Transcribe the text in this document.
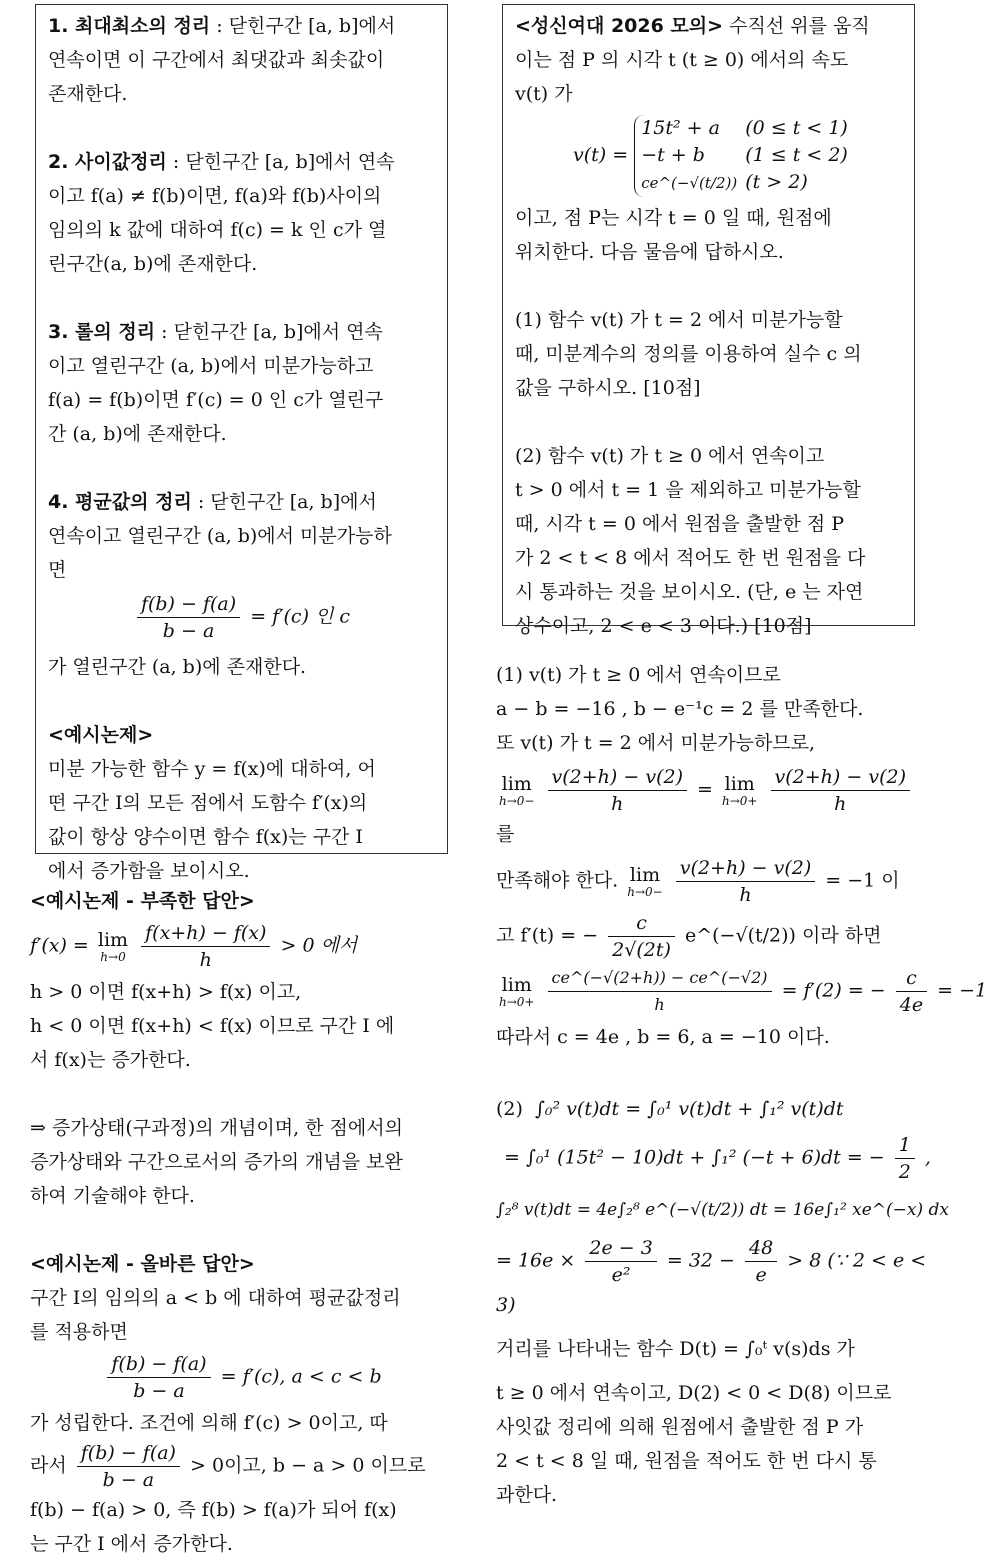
1. 최대최소의 정리 : 닫힌구간 [a, b]에서

연속이면 이 구간에서 최댓값과 최솟값이

존재한다.

2. 사이값정리 : 닫힌구간 [a, b]에서 연속

이고 f(a) ≠ f(b)이면, f(a)와 f(b)사이의

임의의 k 값에 대하여 f(c) = k 인 c가 열

린구간(a, b)에 존재한다.

3. 롤의 정리 : 닫힌구간 [a, b]에서 연속

이고 열린구간 (a, b)에서 미분가능하고

f(a) = f(b)이면 f′(c) = 0 인 c가 열린구

간 (a, b)에 존재한다.

4. 평균값의 정리 : 닫힌구간 [a, b]에서

연속이고 열린구간 (a, b)에서 미분가능하

면

$\frac{f(b) - f(a)}{b - a} = f'(c)$ 인 c

가 열린구간 (a, b)에 존재한다.

<예시논제>

미분 가능한 함수 y = f(x)에 대하여, 어

떤 구간 I의 모든 점에서 도함수 f′(x)의

값이 항상 양수이면 함수 f(x)는 구간 I

에서 증가함을 보이시오.

<예시논제 - 부족한 답안>

f′(x) = lim
h→0
$\frac{f(x+h) - f(x)}{h} > 0$ 에서

h > 0 이면 f(x+h) > f(x) 이고,

h < 0 이면 f(x+h) < f(x) 이므로 구간 I 에

서 f(x)는 증가한다.

⇒ 증가상태(구과정)의 개념이며, 한 점에서의

증가상태와 구간으로서의 증가의 개념을 보완

하여 기술해야 한다.

<예시논제 - 올바른 답안>

구간 I의 임의의 a < b 에 대하여 평균값정리

를 적용하면

$\frac{f(b) - f(a)}{b - a} = f'(c)$, a < c < b

가 성립한다. 조건에 의해 f′(c) > 0이고, 따

라서 $\frac{f(b) - f(a)}{b - a} > 0$이고, b − a > 0 이므로

f(b) − f(a) > 0, 즉 f(b) > f(a)가 되어 f(x)

는 구간 I 에서 증가한다.

<성신여대 2026 모의> 수직선 위를 움직

이는 점 P 의 시각 t (t ≥ 0) 에서의 속도

v(t) 가

v(t) =
15t² + a (0 ≤ t < 1)
−t + b (1 ≤ t < 2)
ce^(−√(t/2)) (t > 2)

이고, 점 P는 시각 t = 0 일 때, 원점에

위치한다. 다음 물음에 답하시오.

(1) 함수 v(t) 가 t = 2 에서 미분가능할

때, 미분계수의 정의를 이용하여 실수 c 의

값을 구하시오. [10점]

(2) 함수 v(t) 가 t ≥ 0 에서 연속이고

t > 0 에서 t = 1 을 제외하고 미분가능할

때, 시각 t = 0 에서 원점을 출발한 점 P

가 2 < t < 8 에서 적어도 한 번 원점을 다

시 통과하는 것을 보이시오. (단, e 는 자연

상수이고, 2 < e < 3 이다.) [10점]

(1) v(t) 가 t ≥ 0 에서 연속이므로

a − b = −16 , b − e⁻¹c = 2 를 만족한다.

또 v(t) 가 t = 2 에서 미분가능하므로,

lim
h→0−
$\frac{v(2+h) - v(2)}{h} = \lim$
h→0+
$\frac{v(2+h) - v(2)}{h}$
를

만족해야 한다. lim
h→0−
$\frac{v(2+h) - v(2)}{h} = -1$ 이

고 f′(t) = − $\frac{c}{2√(2t)}$ e^(−√(t/2)) 이라 하면

lim
h→0+
$\frac{ce\^{}(-√(2+h)) - ce\^{}(-√2)}{h} = f'(2)$ = − $\frac{c}{4e} = -1$

따라서 c = 4e , b = 6, a = −10 이다.

(2) ∫₀² v(t)dt = ∫₀¹ v(t)dt + ∫₁² v(t)dt

= ∫₀¹ (15t² − 10)dt + ∫₁² (−t + 6)dt = − $\frac{1}{2}$ ,

∫₂⁸ v(t)dt = 4e∫₂⁸ e^(−√(t/2)) dt = 16e∫₁² xe^(−x) dx

= $16e \times \frac{2e - 3}{\text{e²}} = 32 - \frac{48}{e} > 8$ (∵ 2 < e < 3)

거리를 나타내는 함수 D(t) = ∫₀ᵗ v(s)ds 가

t ≥ 0 에서 연속이고, D(2) < 0 < D(8) 이므로

사잇값 정리에 의해 원점에서 출발한 점 P 가

2 < t < 8 일 때, 원점을 적어도 한 번 다시 통

과한다.
